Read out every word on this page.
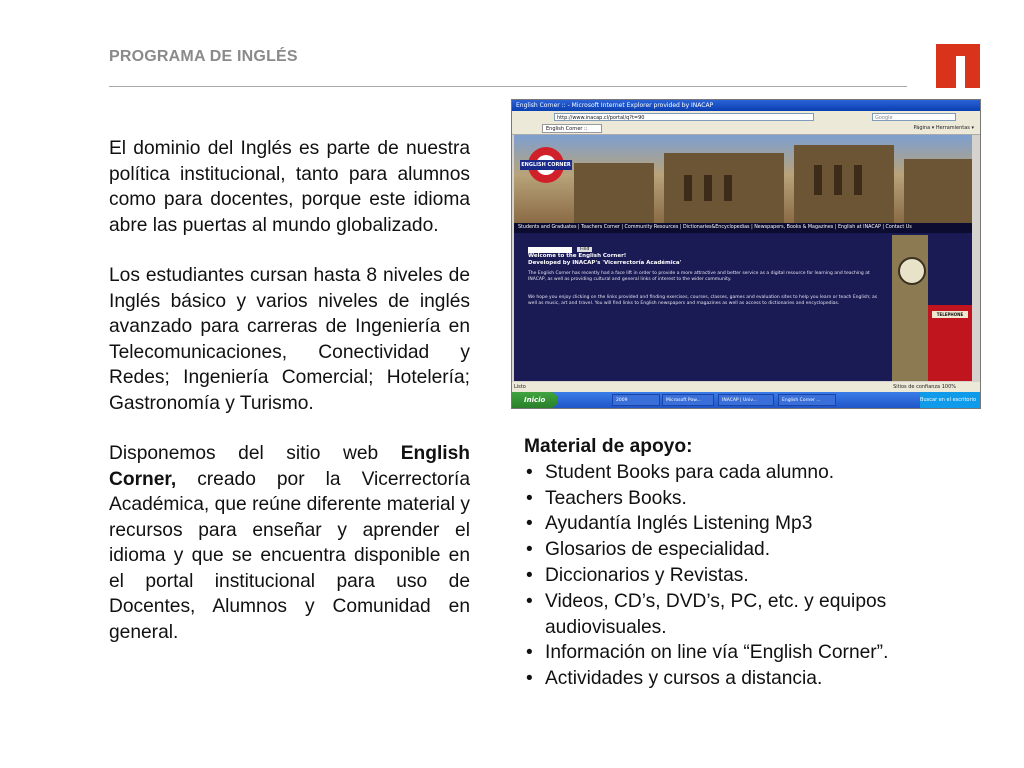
PROGRAMA DE INGLÉS

El dominio del Inglés es parte de nuestra política institucional, tanto para alumnos como para docentes, porque este idioma abre las puertas al mundo globalizado.

Los estudiantes cursan hasta 8 niveles de Inglés básico y varios niveles de inglés avanzado para carreras de Ingeniería en Telecomunicaciones, Conectividad y Redes; Ingeniería Comercial; Hotelería; Gastronomía y Turismo.

Disponemos del sitio web English Corner, creado por la Vicerrectoría Académica, que reúne diferente material y recursos para enseñar y aprender el idioma y que se encuentra disponible en el portal institucional para uso de Docentes, Alumnos y Comunidad en general.

English Corner :: - Microsoft Internet Explorer provided by INACAP
http://www.inacap.cl/portal/q?t=90	Google
English Corner ::	Página ▾ Herramientas ▾
ENGLISH CORNER
Students and Graduates | Teachers Corner | Community Resources | Dictionaries&Encyclopedias | Newspapers, Books & Magazines | English at INACAP | Contact Us
Find
Welcome to the English Corner!
Developed by INACAP's 'Vicerrectoría Académica'
The English Corner has recently had a face lift in order to provide a more attractive and better service as a digital resource for learning and teaching at INACAP, as well as providing cultural and general links of interest to the wider community.
We hope you enjoy clicking on the links provided and finding exercises, courses, classes, games and evaluation sites to help you learn or teach English; as well as music, art and travel. You will find links to English newspapers and magazines as well as access to dictionaries and encyclopedias.
TELEPHONE
Listo	Sitios de confianza 100%
Inicio	2009	Microsoft Pow...	INACAP | Univ...	English Corner ...	Buscar en el escritorio 12:44
Material de apoyo:
• Student Books para cada alumno.
• Teachers Books.
• Ayudantía Inglés Listening Mp3
• Glosarios de especialidad.
• Diccionarios y Revistas.
• Videos, CD’s, DVD’s, PC, etc. y equipos audiovisuales.
• Información on line vía “English Corner”.
• Actividades y cursos a distancia.
